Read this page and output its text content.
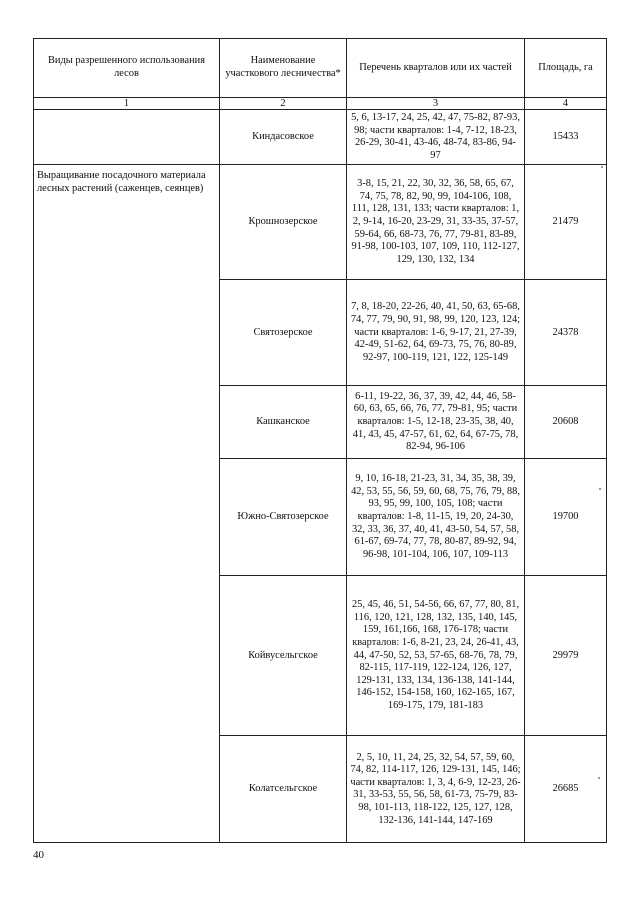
Виды разрешенного использования лесов	Наименование участкового лесничества*	Перечень кварталов или их частей	Площадь, га
1	2	3	4
	Киндасовское	5, 6, 13-17, 24, 25, 42, 47, 75-82, 87-93, 98; части кварталов: 1-4, 7-12, 18-23, 26-29, 30-41, 43-46, 48-74, 83-86, 94-97	15433
Выращивание посадочного материала лесных растений (саженцев, сеянцев)	Крошнозерское	3-8, 15, 21, 22, 30, 32, 36, 58, 65, 67, 74, 75, 78, 82, 90, 99, 104-106, 108, 111, 128, 131, 133; части кварталов: 1, 2, 9-14, 16-20, 23-29, 31, 33-35, 37-57, 59-64, 66, 68-73, 76, 77, 79-81, 83-89, 91-98, 100-103, 107, 109, 110, 112-127, 129, 130, 132, 134	21479
	Святозерское	7, 8, 18-20, 22-26, 40, 41, 50, 63, 65-68, 74, 77, 79, 90, 91, 98, 99, 120, 123, 124; части кварталов: 1-6, 9-17, 21, 27-39, 42-49, 51-62, 64, 69-73, 75, 76, 80-89, 92-97, 100-119, 121, 122, 125-149	24378
	Кашканское	6-11, 19-22, 36, 37, 39, 42, 44, 46, 58-60, 63, 65, 66, 76, 77, 79-81, 95; части кварталов: 1-5, 12-18, 23-35, 38, 40, 41, 43, 45, 47-57, 61, 62, 64, 67-75, 78, 82-94, 96-106	20608
	Южно-Святозерское	9, 10, 16-18, 21-23, 31, 34, 35, 38, 39, 42, 53, 55, 56, 59, 60, 68, 75, 76, 79, 88, 93, 95, 99, 100, 105, 108; части кварталов: 1-8, 11-15, 19, 20, 24-30, 32, 33, 36, 37, 40, 41, 43-50, 54, 57, 58, 61-67, 69-74, 77, 78, 80-87, 89-92, 94, 96-98, 101-104, 106, 107, 109-113	19700
	Койвусельгское	25, 45, 46, 51, 54-56, 66, 67, 77, 80, 81, 116, 120, 121, 128, 132, 135, 140, 145, 159, 161,166, 168, 176-178; части кварталов: 1-6, 8-21, 23, 24, 26-41, 43, 44, 47-50, 52, 53, 57-65, 68-76, 78, 79, 82-115, 117-119, 122-124, 126, 127, 129-131, 133, 134, 136-138, 141-144, 146-152, 154-158, 160, 162-165, 167, 169-175, 179, 181-183	29979
	Колатсельгское	2, 5, 10, 11, 24, 25, 32, 54, 57, 59, 60, 74, 82, 114-117, 126, 129-131, 145, 146; части кварталов: 1, 3, 4, 6-9, 12-23, 26-31, 33-53, 55, 56, 58, 61-73, 75-79, 83-98, 101-113, 118-122, 125, 127, 128, 132-136, 141-144, 147-169	26685
40
